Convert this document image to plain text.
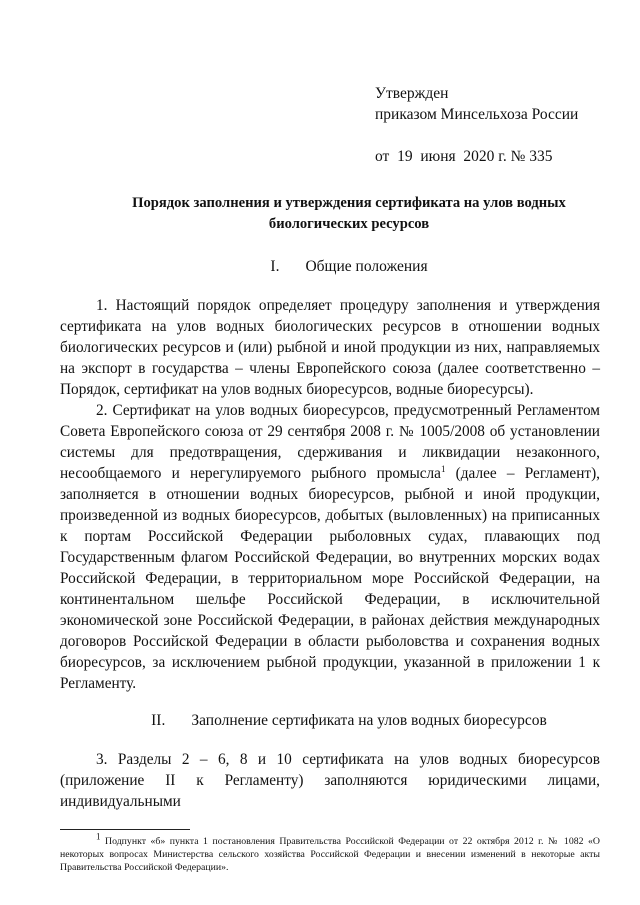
Утвержден
приказом Минсельхоза России
от  19  июня  2020 г. № 335
Порядок заполнения и утверждения сертификата на улов водных
биологических ресурсов
I. Общие положения

1. Настоящий порядок определяет процедуру заполнения и утверждения сертификата на улов водных биологических ресурсов в отношении водных биологических ресурсов и (или) рыбной и иной продукции из них, направляемых на экспорт в государства – члены Европейского союза (далее соответственно – Порядок, сертификат на улов водных биоресурсов, водные биоресурсы).

2. Сертификат на улов водных биоресурсов, предусмотренный Регламентом Совета Европейского союза от 29 сентября 2008 г. № 1005/2008 об установлении системы для предотвращения, сдерживания и ликвидации незаконного, несообщаемого и нерегулируемого рыбного промысла$^1$ (далее – Регламент), заполняется в отношении водных биоресурсов, рыбной и иной продукции, произведенной из водных биоресурсов, добытых (выловленных) на приписанных к портам Российской Федерации рыболовных судах, плавающих под Государственным флагом Российской Федерации, во внутренних морских водах Российской Федерации, в территориальном море Российской Федерации, на континентальном шельфе Российской Федерации, в исключительной экономической зоне Российской Федерации, в районах действия международных договоров Российской Федерации в области рыболовства и сохранения водных биоресурсов, за исключением рыбной продукции, указанной в приложении 1 к Регламенту.

II. Заполнение сертификата на улов водных биоресурсов

3. Разделы 2 – 6, 8 и 10 сертификата на улов водных биоресурсов (приложение II к Регламенту) заполняются юридическими лицами, индивидуальными

$^1$ Подпункт «б» пункта 1 постановления Правительства Российской Федерации от 22 октября 2012 г. № 1082 «О некоторых вопросах Министерства сельского хозяйства Российской Федерации и внесении изменений в некоторые акты Правительства Российской Федерации».
